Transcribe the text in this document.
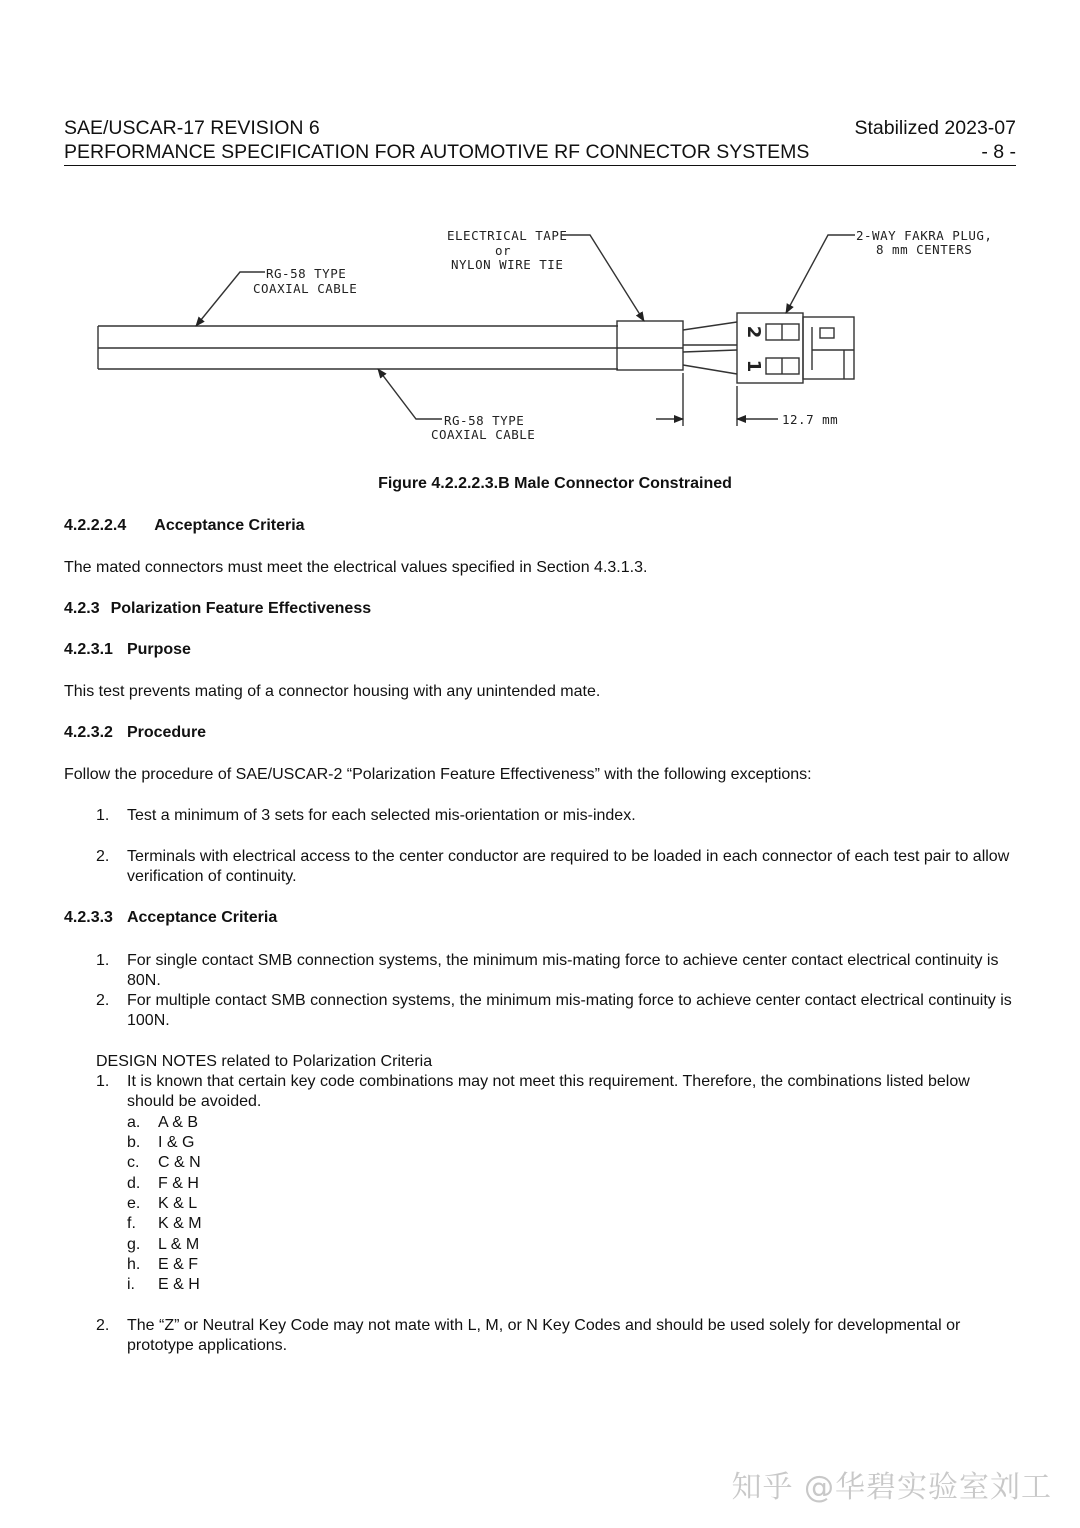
SAE/USCAR-17 REVISION 6	Stabilized 2023-07
PERFORMANCE SPECIFICATION FOR AUTOMOTIVE RF CONNECTOR SYSTEMS	- 8 -
ELECTRICAL TAPE
or
NYLON WIRE TIE
2-WAY FAKRA PLUG,
8 mm CENTERS
RG-58 TYPE
COAXIAL CABLE
RG-58 TYPE
COAXIAL CABLE
12.7 mm
2
1
Figure 4.2.2.2.3.B Male Connector Constrained
4.2.2.2.4 Acceptance Criteria
The mated connectors must meet the electrical values specified in Section 4.3.1.3.
4.2.3 Polarization Feature Effectiveness
4.2.3.1 Purpose
This test prevents mating of a connector housing with any unintended mate.
4.2.3.2 Procedure
Follow the procedure of SAE/USCAR-2 “Polarization Feature Effectiveness” with the following exceptions:
1. Test a minimum of 3 sets for each selected mis-orientation or mis-index.
2. Terminals with electrical access to the center conductor are required to be loaded in each connector of each test pair to allow verification of continuity.
4.2.3.3 Acceptance Criteria
1. For single contact SMB connection systems, the minimum mis-mating force to achieve center contact electrical continuity is 80N.
2. For multiple contact SMB connection systems, the minimum mis-mating force to achieve center contact electrical continuity is 100N.
DESIGN NOTES related to Polarization Criteria
1. It is known that certain key code combinations may not meet this requirement. Therefore, the combinations listed below should be avoided.
a. A & B
b. I & G
c. C & N
d. F & H
e. K & L
f. K & M
g. L & M
h. E & F
i. E & H
2. The “Z” or Neutral Key Code may not mate with L, M, or N Key Codes and should be used solely for developmental or prototype applications.
知乎 @华碧实验室刘工
